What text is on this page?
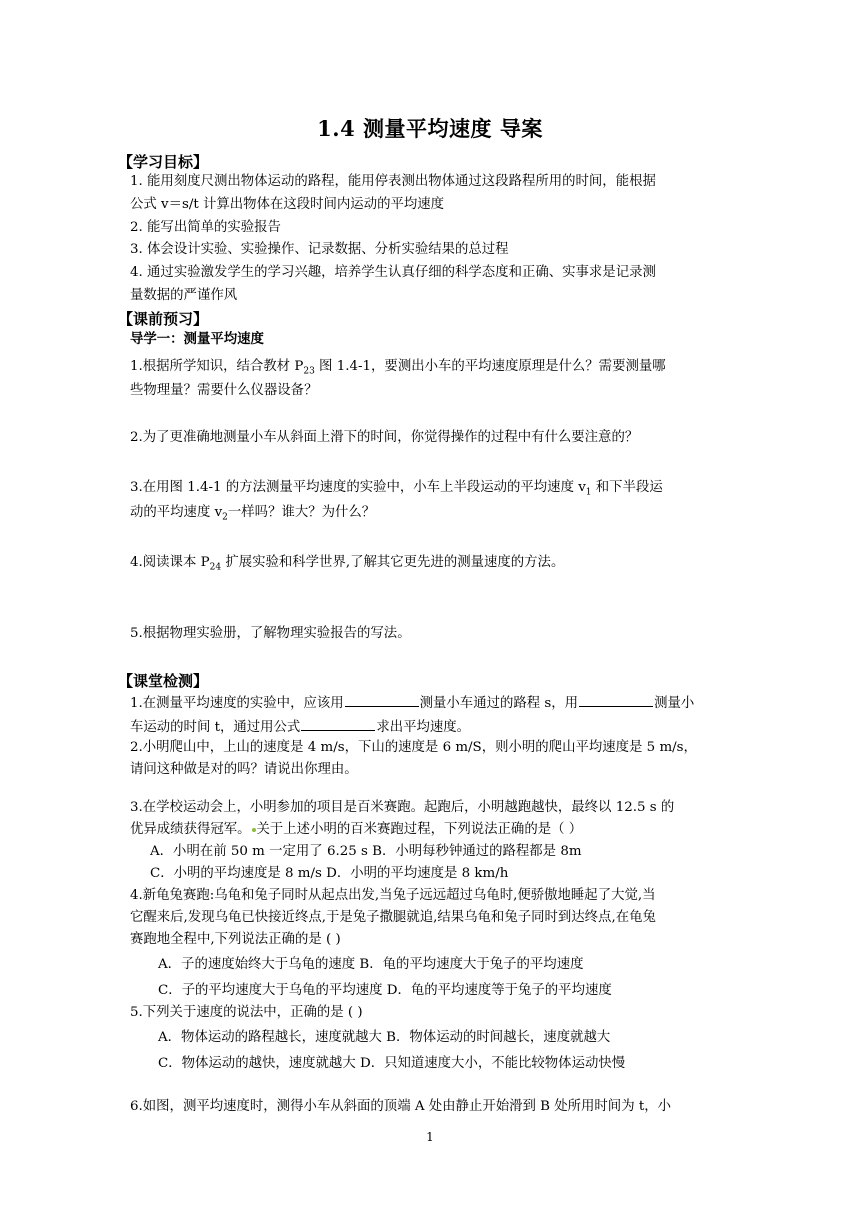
1.4 测量平均速度 导案
【学习目标】
1. 能用刻度尺测出物体运动的路程，能用停表测出物体通过这段路程所用的时间，能根据
公式 v＝s/t 计算出物体在这段时间内运动的平均速度
2. 能写出简单的实验报告
3. 体会设计实验、实验操作、记录数据、分析实验结果的总过程
4. 通过实验激发学生的学习兴趣，培养学生认真仔细的科学态度和正确、实事求是记录测
量数据的严谨作风
【课前预习】
导学一：测量平均速度
1.根据所学知识，结合教材 $P_{23}$ 图 1.4-1，要测出小车的平均速度原理是什么？需要测量哪
些物理量？需要什么仪器设备？
2.为了更准确地测量小车从斜面上滑下的时间，你觉得操作的过程中有什么要注意的？
3.在用图 1.4-1 的方法测量平均速度的实验中，小车上半段运动的平均速度 $v_1$ 和下半段运
动的平均速度 $v_2$一样吗？谁大？为什么？
4.阅读课本 $P_{24}$ 扩展实验和科学世界,了解其它更先进的测量速度的方法。
5.根据物理实验册，了解物理实验报告的写法。
【课堂检测】
1.在测量平均速度的实验中，应该用	测量小车通过的路程 s，用	测量小
车运动的时间 t，通过用公式	求出平均速度。
2.小明爬山中，上山的速度是 4 m/s，下山的速度是 6 m/S，则小明的爬山平均速度是 5 m/s，
请问这种做是对的吗？请说出你理由。
3.在学校运动会上，小明参加的项目是百米赛跑。起跑后，小明越跑越快，最终以 12.5 s 的
优异成绩获得冠军。 关于上述小明的百米赛跑过程，下列说法正确的是（ ）
A．小明在前 50 m 一定用了 6.25 s B．小明每秒钟通过的路程都是 8m
C．小明的平均速度是 8 m/s D．小明的平均速度是 8 km/h
4.新龟兔赛跑:乌龟和兔子同时从起点出发,当兔子远远超过乌龟时,便骄傲地睡起了大觉,当
它醒来后,发现乌龟已快接近终点,于是兔子撒腿就追,结果乌龟和兔子同时到达终点,在龟兔
赛跑地全程中,下列说法正确的是 ( )
A．子的速度始终大于乌龟的速度 B．龟的平均速度大于兔子的平均速度
C．子的平均速度大于乌龟的平均速度 D．龟的平均速度等于兔子的平均速度
5.下列关于速度的说法中，正确的是 ( )
A．物体运动的路程越长，速度就越大 B．物体运动的时间越长，速度就越大
C．物体运动的越快，速度就越大 D．只知道速度大小，不能比较物体运动快慢
6.如图，测平均速度时，测得小车从斜面的顶端 A 处由静止开始滑到 B 处所用时间为 t，小
1
